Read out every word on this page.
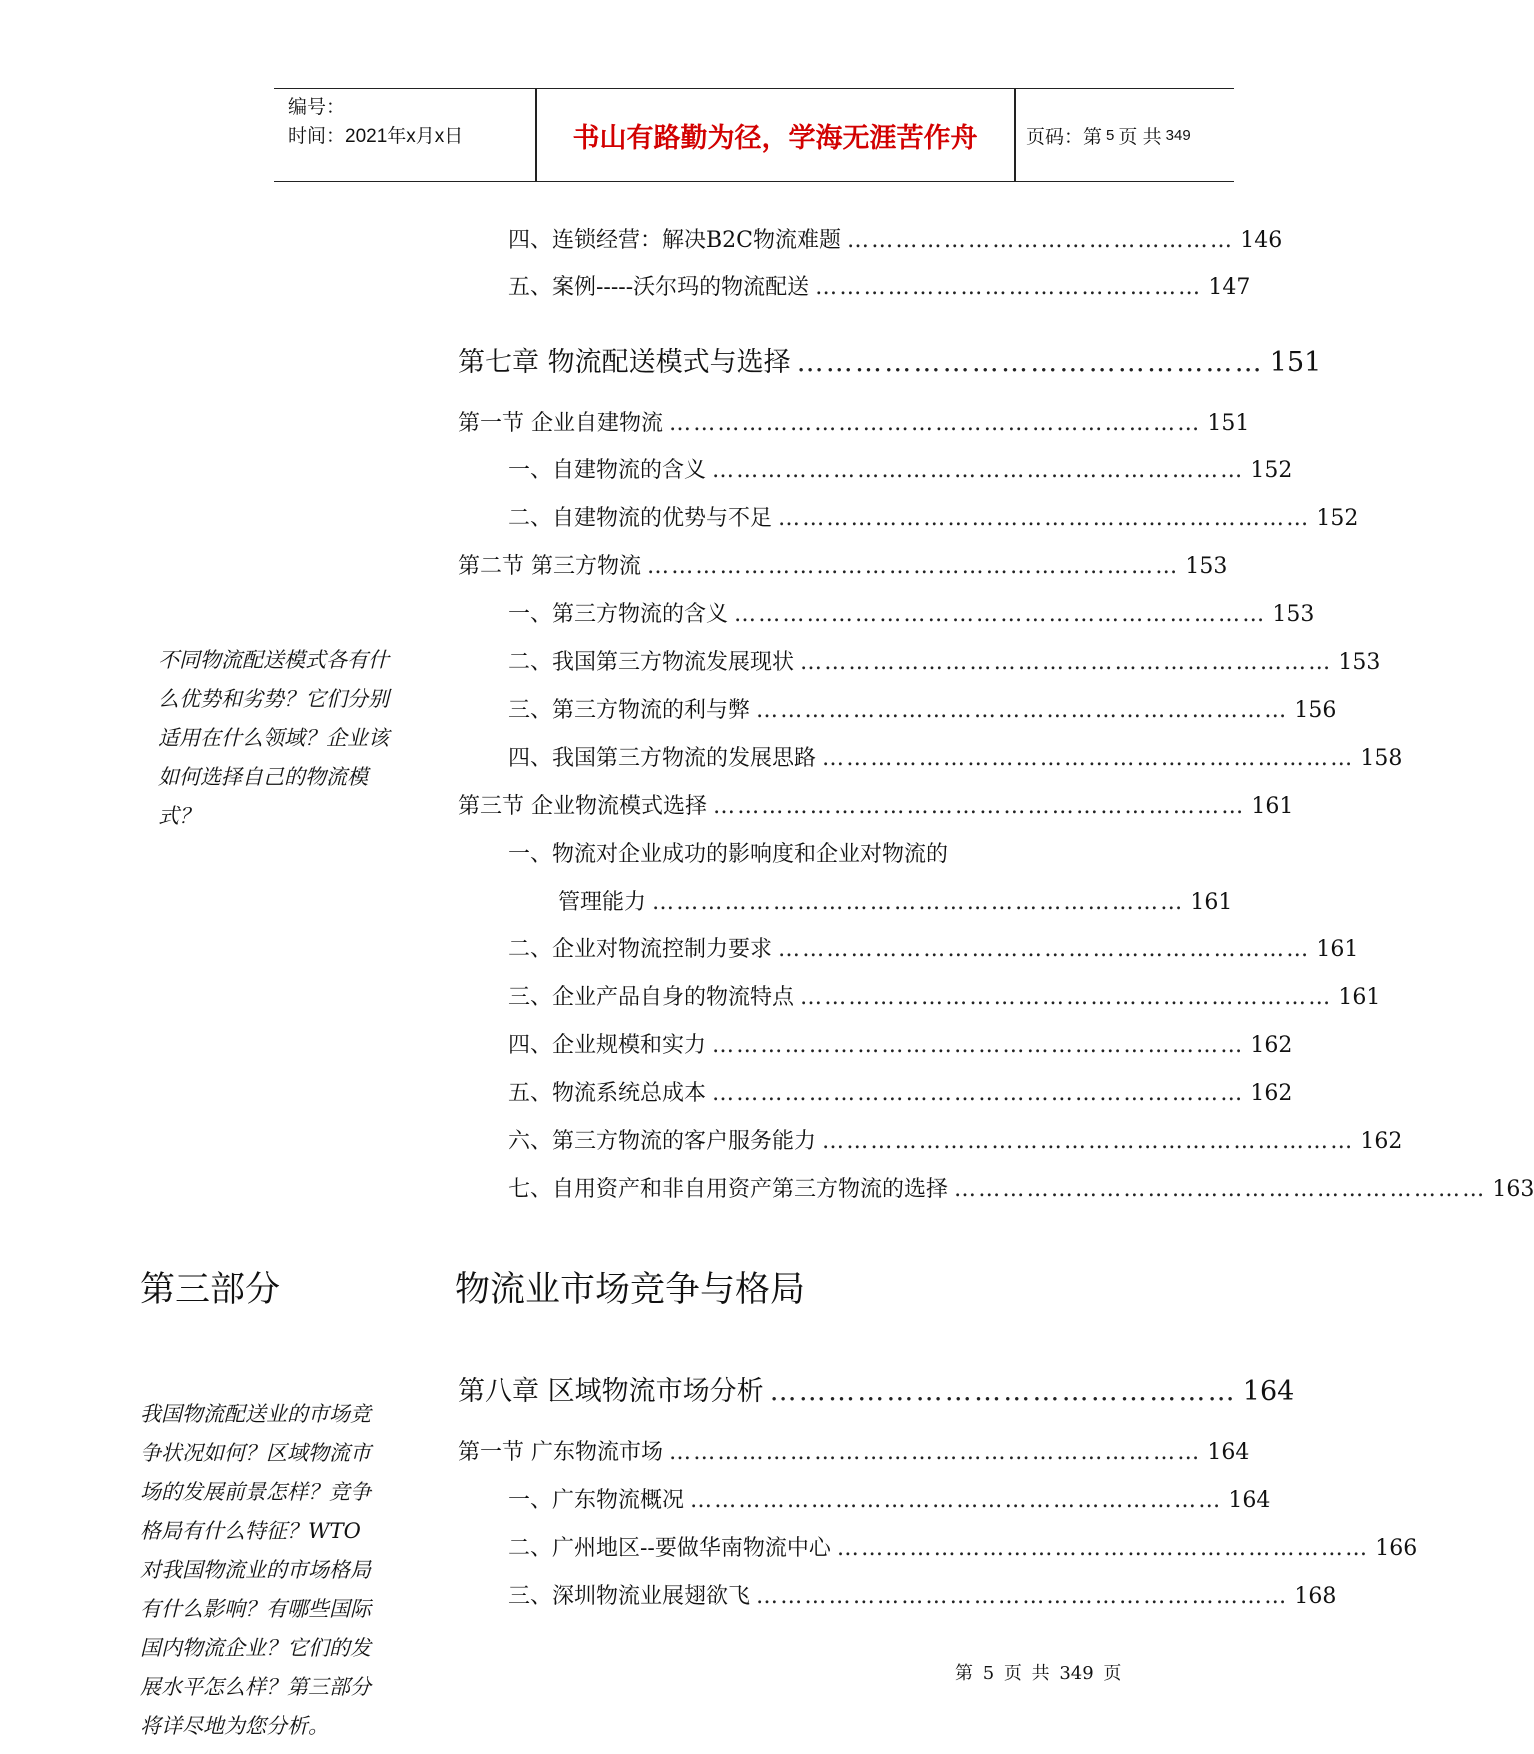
编号：
时间：2021年x月x日	书山有路勤为径，学海无涯苦作舟	页码：第 5 页 共 349
四、连锁经营：解决B2C物流难题 ………………………………………… 146
五、案例-----沃尔玛的物流配送 ………………………………………… 147
第七章 物流配送模式与选择 ………………………………………… 151
第一节 企业自建物流 ………………………………………………………… 151
一、自建物流的含义 ………………………………………………………… 152
二、自建物流的优势与不足 ………………………………………………………… 152
第二节 第三方物流 ………………………………………………………… 153
一、第三方物流的含义 ………………………………………………………… 153
二、我国第三方物流发展现状 ………………………………………………………… 153
三、第三方物流的利与弊 ………………………………………………………… 156
四、我国第三方物流的发展思路 ………………………………………………………… 158
第三节 企业物流模式选择 ………………………………………………………… 161
一、物流对企业成功的影响度和企业对物流的
管理能力 ………………………………………………………… 161
二、企业对物流控制力要求 ………………………………………………………… 161
三、企业产品自身的物流特点 ………………………………………………………… 161
四、企业规模和实力 ………………………………………………………… 162
五、物流系统总成本 ………………………………………………………… 162
六、第三方物流的客户服务能力 ………………………………………………………… 162
七、自用资产和非自用资产第三方物流的选择 ………………………………………………………… 163
不同物流配送模式各有什
么优势和劣势？它们分别
适用在什么领域？企业该
如何选择自己的物流模
式？
第三部分	物流业市场竞争与格局
第八章 区域物流市场分析 ………………………………………… 164
第一节 广东物流市场 ………………………………………………………… 164
一、广东物流概况 ………………………………………………………… 164
二、广州地区--要做华南物流中心 ………………………………………………………… 166
三、深圳物流业展翅欲飞 ………………………………………………………… 168
我国物流配送业的市场竞
争状况如何？区域物流市
场的发展前景怎样？竞争
格局有什么特征？WTO
对我国物流业的市场格局
有什么影响？有哪些国际
国内物流企业？它们的发
展水平怎么样？第三部分
将详尽地为您分析。
第 5 页 共 349 页
